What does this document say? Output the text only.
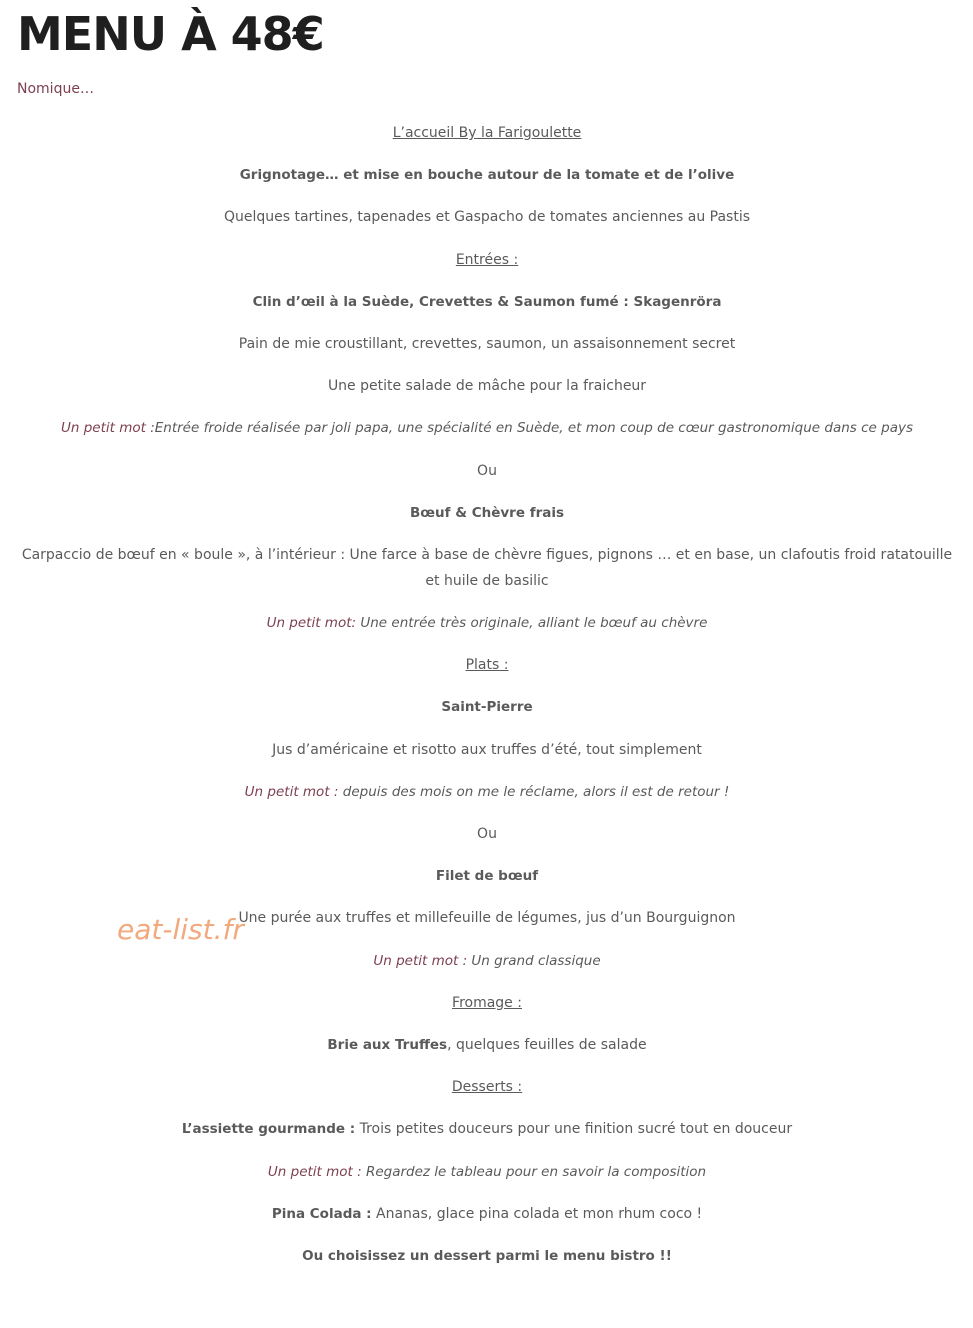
MENU À 48€
Nomique…
L’accueil By la Farigoulette
Grignotage… et mise en bouche autour de la tomate et de l’olive
Quelques tartines, tapenades et Gaspacho de tomates anciennes au Pastis
Entrées :
Clin d’œil à la Suède, Crevettes & Saumon fumé : Skagenröra
Pain de mie croustillant, crevettes, saumon, un assaisonnement secret
Une petite salade de mâche pour la fraicheur
Un petit mot :Entrée froide réalisée par joli papa, une spécialité en Suède, et mon coup de cœur gastronomique dans ce pays
Ou
Bœuf & Chèvre frais
Carpaccio de bœuf en « boule », à l’intérieur : Une farce à base de chèvre figues, pignons … et en base, un clafoutis froid ratatouille et huile de basilic
Un petit mot: Une entrée très originale, alliant le bœuf au chèvre
Plats :
Saint-Pierre
Jus d’américaine et risotto aux truffes d’été, tout simplement
Un petit mot : depuis des mois on me le réclame, alors il est de retour !
Ou
Filet de bœuf
Une purée aux truffes et millefeuille de légumes, jus d’un Bourguignon
Un petit mot : Un grand classique
Fromage :
Brie aux Truffes, quelques feuilles de salade
Desserts :
L’assiette gourmande : Trois petites douceurs pour une finition sucré tout en douceur
Un petit mot : Regardez le tableau pour en savoir la composition
Pina Colada : Ananas, glace pina colada et mon rhum coco !
Ou choisissez un dessert parmi le menu bistro !!
eat-list.fr
